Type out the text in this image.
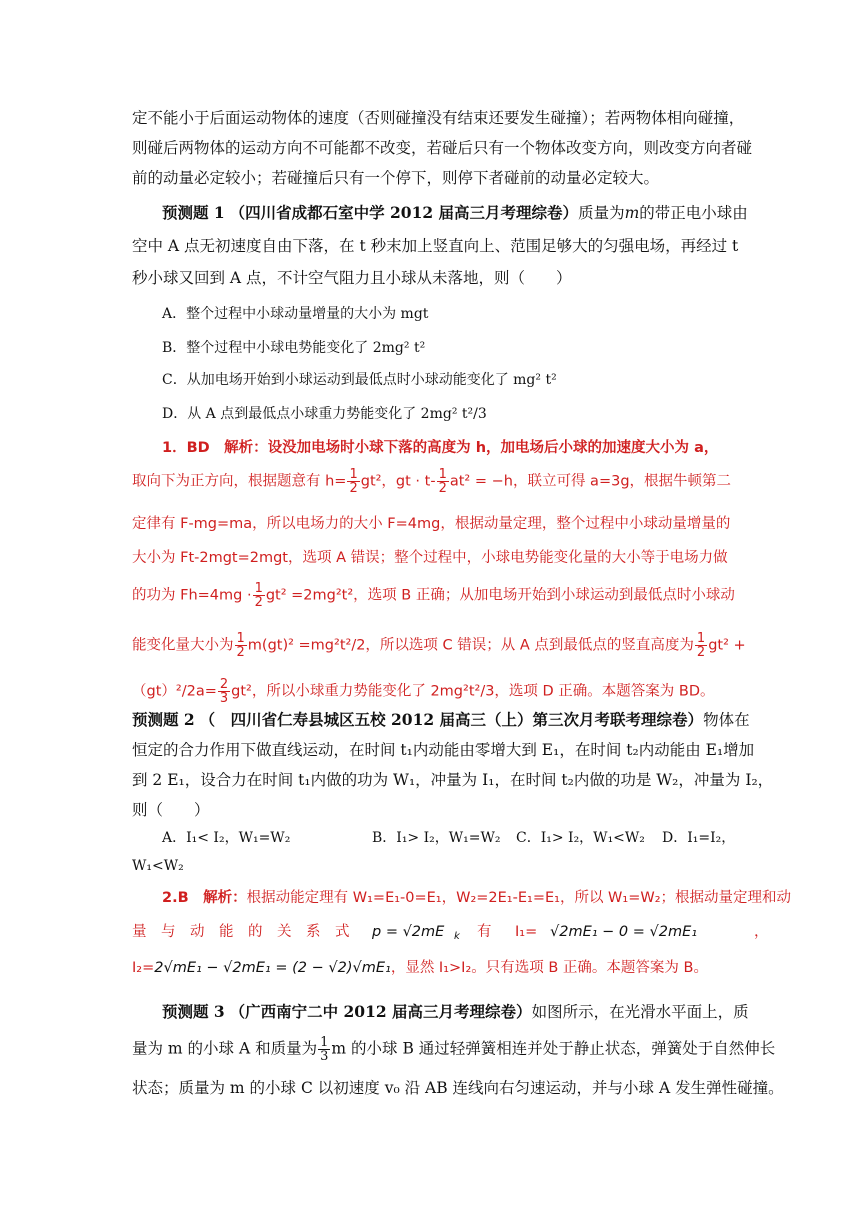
定不能小于后面运动物体的速度（否则碰撞没有结束还要发生碰撞）；若两物体相向碰撞，
则碰后两物体的运动方向不可能都不改变，若碰后只有一个物体改变方向，则改变方向者碰
前的动量必定较小；若碰撞后只有一个停下，则停下者碰前的动量必定较大。
预测题 1 （四川省成都石室中学 2012 届高三月考理综卷）质量为m的带正电小球由
空中 A 点无初速度自由下落，在 t 秒末加上竖直向上、范围足够大的匀强电场，再经过 t
秒小球又回到 A 点，不计空气阻力且小球从未落地，则（　　）
A．整个过程中小球动量增量的大小为 mgt
B．整个过程中小球电势能变化了 2mg² t²
C．从加电场开始到小球运动到最低点时小球动能变化了 mg² t²
D．从 A 点到最低点小球重力势能变化了 2mg² t²/3
1．BD　解析：设没加电场时小球下落的高度为 h，加电场后小球的加速度大小为 a，
取向下为正方向，根据题意有 $h= \frac{1}{2} gt^2$，gt · $t- \frac{1}{2} at^2 = -h$，联立可得 a=3g，根据牛顿第二
定律有 F-mg=ma，所以电场力的大小 F=4mg，根据动量定理，整个过程中小球动量增量的
大小为 Ft-2mgt=2mgt，选项 A 错误；整个过程中，小球电势能变化量的大小等于电场力做
的功为 $Fh=4mg \cdot \frac{1}{2} gt^2 =2mg^2t^2$，选项 B 正确；从加电场开始到小球运动到最低点时小球动
能变化量大小为 $\frac{1}{2} m(gt)^2 =mg^2t^2/2$，所以选项 C 错误；从 A 点到最低点的竖直高度为 $\frac{1}{2} gt^2$ +
$(gt)^2/2a= \frac{2}{3} gt^2$，所以小球重力势能变化了 2mg²t²/3，选项 D 正确。本题答案为 BD。
预测题 2 （　四川省仁寿县城区五校 2012 届高三（上）第三次月考联考理综卷）物体在
恒定的合力作用下做直线运动，在时间 t₁内动能由零增大到 E₁，在时间 t₂内动能由 E₁增加
到 2 E₁，设合力在时间 t₁内做的功为 W₁，冲量为 I₁，在时间 t₂内做的功是 W₂，冲量为 I₂，
则（　　）
A．I₁< I₂，W₁=W₂	B．I₁> I₂，W₁=W₂	C．I₁> I₂，W₁<W₂	D．I₁=I₂，
W₁<W₂
2.B　解析：根据动能定理有 W₁=E₁-0=E₁，W₂=2E₁-E₁=E₁，所以 W₁=W₂；根据动量定理和动
量　与　动　能　的　关　系　式 p = √2mE k 有 I₁= √2mE₁ − 0 = √2mE₁	，
I₂=2√mE₁ − √2mE₁ = (2 − √2)√mE₁，显然 I₁>I₂。只有选项 B 正确。本题答案为 B。
预测题 3 （广西南宁二中 2012 届高三月考理综卷）如图所示，在光滑水平面上，质
量为 m 的小球 A 和质量为 $\frac{1}{3}$ m 的小球 B 通过轻弹簧相连并处于静止状态，弹簧处于自然伸长
状态；质量为 m 的小球 C 以初速度 v₀ 沿 AB 连线向右匀速运动，并与小球 A 发生弹性碰撞。
